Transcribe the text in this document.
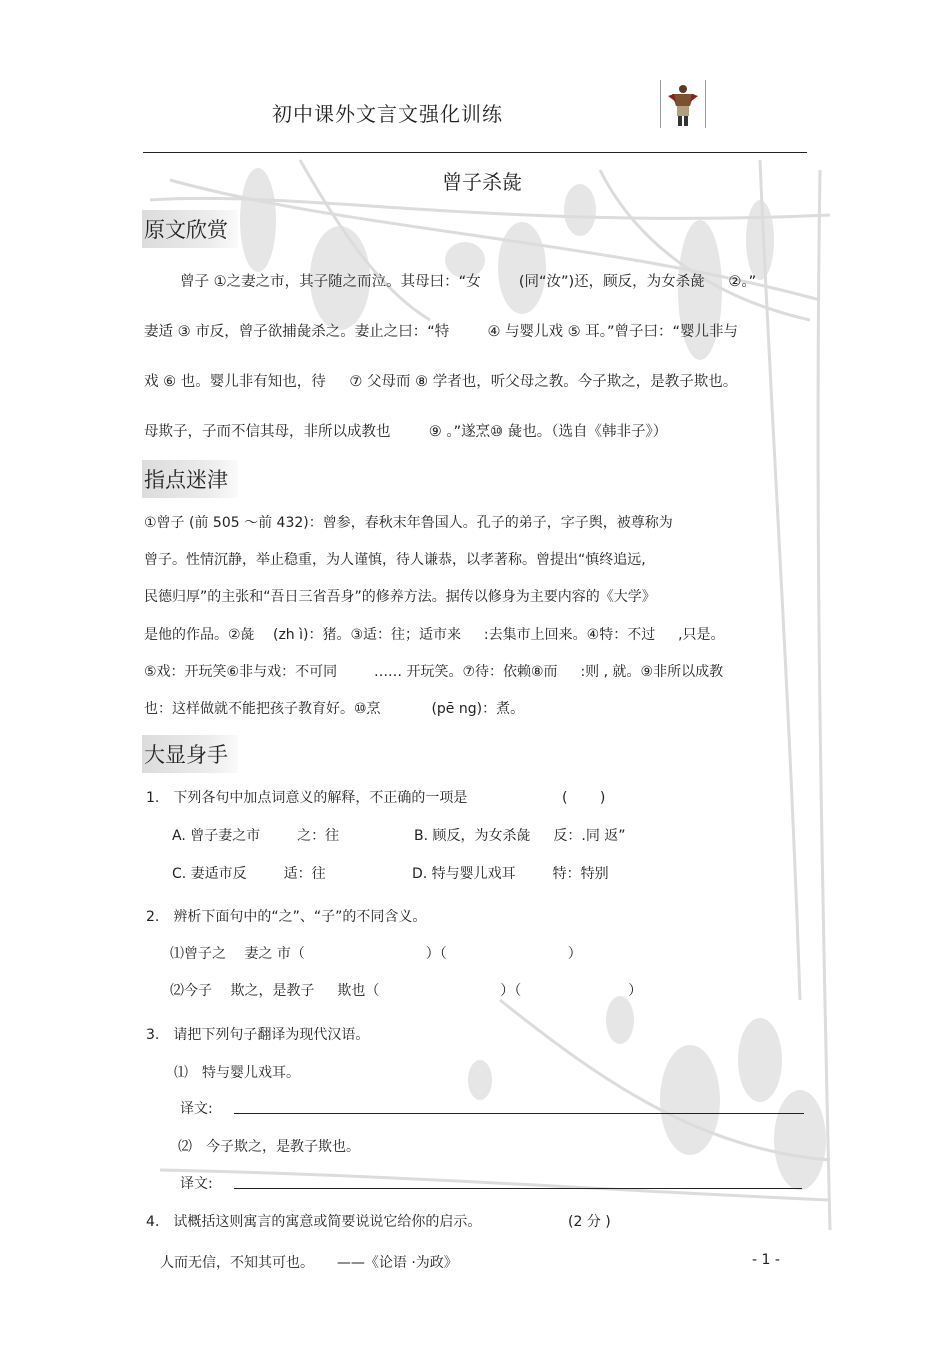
初中课外文言文强化训练
曾子杀彘
原文欣赏
曾子 ①之妻之市，其子随之而泣。其母曰：“女 　　 (同“汝”)还，顾反，为女杀彘 　 ②。”
妻适 ③ 市反，曾子欲捕彘杀之。妻止之曰：“特 　　 ④ 与婴儿戏 ⑤ 耳。”曾子曰：“婴儿非与
戏 ⑥ 也。婴儿非有知也，待 　 ⑦ 父母而 ⑧ 学者也，听父母之教。今子欺之，是教子欺也。
母欺子，子而不信其母，非所以成教也 　　 ⑨ 。”遂烹⑩ 彘也。（选自《韩非子》）
指点迷津
①曾子 (前 505 ～前 432)：曾参，春秋末年鲁国人。孔子的弟子，字子舆，被尊称为
曾子。性情沉静，举止稳重，为人谨慎，待人谦恭，以孝著称。曾提出“慎终追远,
民德归厚”的主张和“吾日三省吾身”的修养方法。据传以修身为主要内容的《大学》
是他的作品。②彘 　(zh ì)：猪。③适：往；适市来 　 :去集市上回来。④特：不过 　 ,只是。
⑤戏：开玩笑⑥非与戏：不可同 　　 …… 开玩笑。⑦待：依赖⑧而 　 :则 , 就。⑨非所以成教
也：这样做就不能把孩子教育好。⑩烹 　　　 (pē ng)：煮。
大显身手
1.　下列各句中加点词意义的解释，不正确的一项是	(　　 )
A. 曾子妻之市 　　 之：往	B. 顾反，为女杀彘 　 反：.同 返”
C. 妻适市反 　　 适：往	D. 特与婴儿戏耳 　　 特：特别
2.　辨析下面句中的“之”、“子”的不同含义。
⑴曾子之 　妻之 市（ 　　　　　　　　 ）（ 　　　　　　　　 ）
⑵今子 　欺之，是教子 　 欺也（ 　　　　　　　　 ）（ 　　　　　　　 ）
3.　请把下列句子翻译为现代汉语。
⑴　特与婴儿戏耳。
译文:
⑵　今子欺之，是教子欺也。
译文:
4.　试概括这则寓言的寓意或简要说说它给你的启示。	(2 分 )
人而无信，不知其可也。 　 ——《论语 ·为政》	- 1 -
